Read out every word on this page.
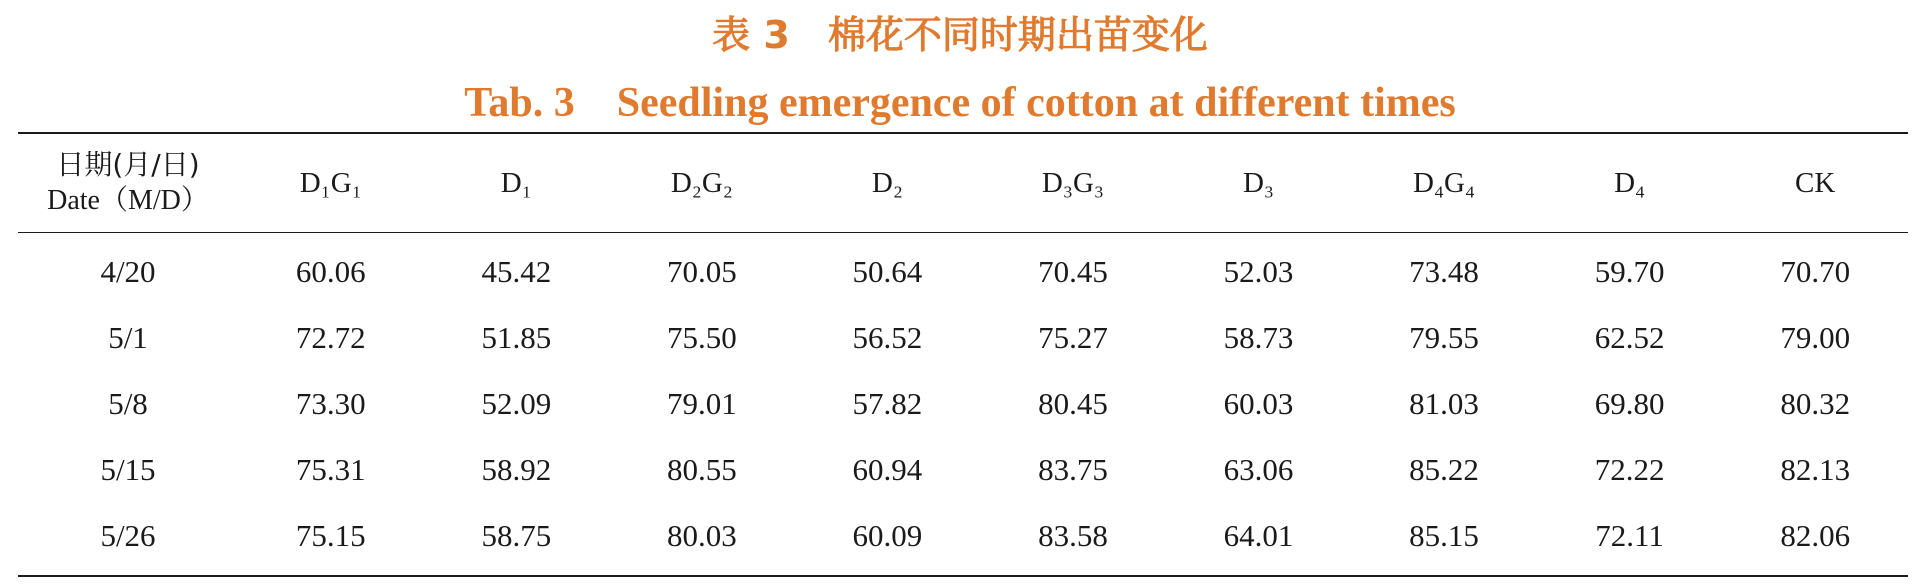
表 3　棉花不同时期出苗变化
Tab. 3　Seedling emergence of cotton at different times
日期(月/日)
Date（M/D）	D₁G₁	D₁	D₂G₂	D₂	D₃G₃	D₃	D₄G₄	D₄	CK
4/20	60.06	45.42	70.05	50.64	70.45	52.03	73.48	59.70	70.70
5/1	72.72	51.85	75.50	56.52	75.27	58.73	79.55	62.52	79.00
5/8	73.30	52.09	79.01	57.82	80.45	60.03	81.03	69.80	80.32
5/15	75.31	58.92	80.55	60.94	83.75	63.06	85.22	72.22	82.13
5/26	75.15	58.75	80.03	60.09	83.58	64.01	85.15	72.11	82.06
